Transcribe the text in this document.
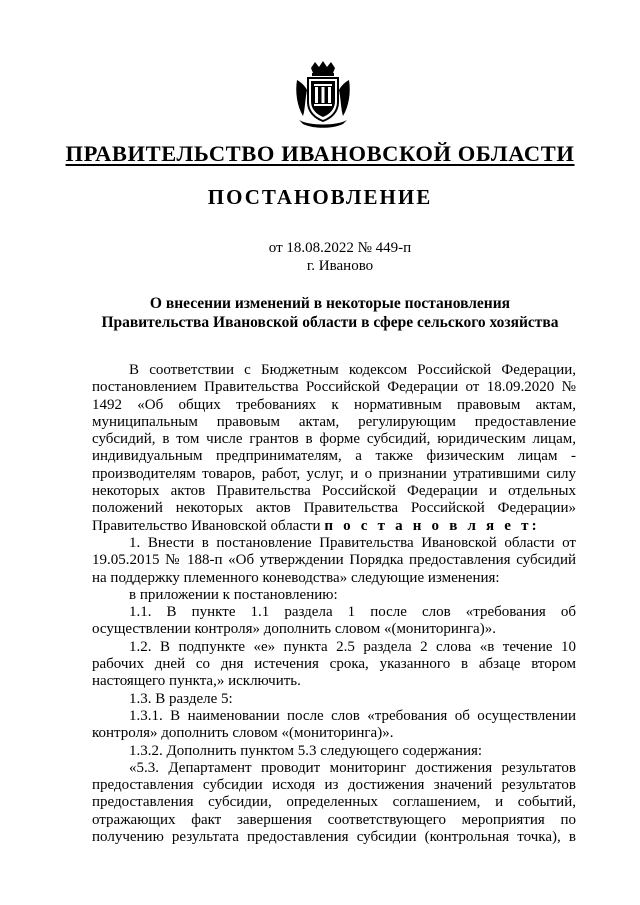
ПРАВИТЕЛЬСТВО ИВАНОВСКОЙ ОБЛАСТИ
ПОСТАНОВЛЕНИЕ
от 18.08.2022 № 449-п
г. Иваново
О внесении изменений в некоторые постановления
Правительства Ивановской области в сфере сельского хозяйства

В соответствии с Бюджетным кодексом Российской Федерации, постановлением Правительства Российской Федерации от 18.09.2020 № 1492 «Об общих требованиях к нормативным правовым актам, муниципальным правовым актам, регулирующим предоставление субсидий, в том числе грантов в форме субсидий, юридическим лицам, индивидуальным предпринимателям, а также физическим лицам - производителям товаров, работ, услуг, и о признании утратившими силу некоторых актов Правительства Российской Федерации и отдельных положений некоторых актов Правительства Российской Федерации» Правительство Ивановской области п о с т а н о в л я е т:

1. Внести в постановление Правительства Ивановской области от 19.05.2015 № 188-п «Об утверждении Порядка предоставления субсидий на поддержку племенного коневодства» следующие изменения:

в приложении к постановлению:

1.1. В пункте 1.1 раздела 1 после слов «требования об осуществлении контроля» дополнить словом «(мониторинга)».

1.2. В подпункте «е» пункта 2.5 раздела 2 слова «в течение 10 рабочих дней со дня истечения срока, указанного в абзаце втором настоящего пункта,» исключить.

1.3. В разделе 5:

1.3.1. В наименовании после слов «требования об осуществлении контроля» дополнить словом «(мониторинга)».

1.3.2. Дополнить пунктом 5.3 следующего содержания:

«5.3. Департамент проводит мониторинг достижения результатов предоставления субсидии исходя из достижения значений результатов предоставления субсидии, определенных соглашением, и событий, отражающих факт завершения соответствующего мероприятия по получению результата предоставления субсидии (контрольная точка), в
